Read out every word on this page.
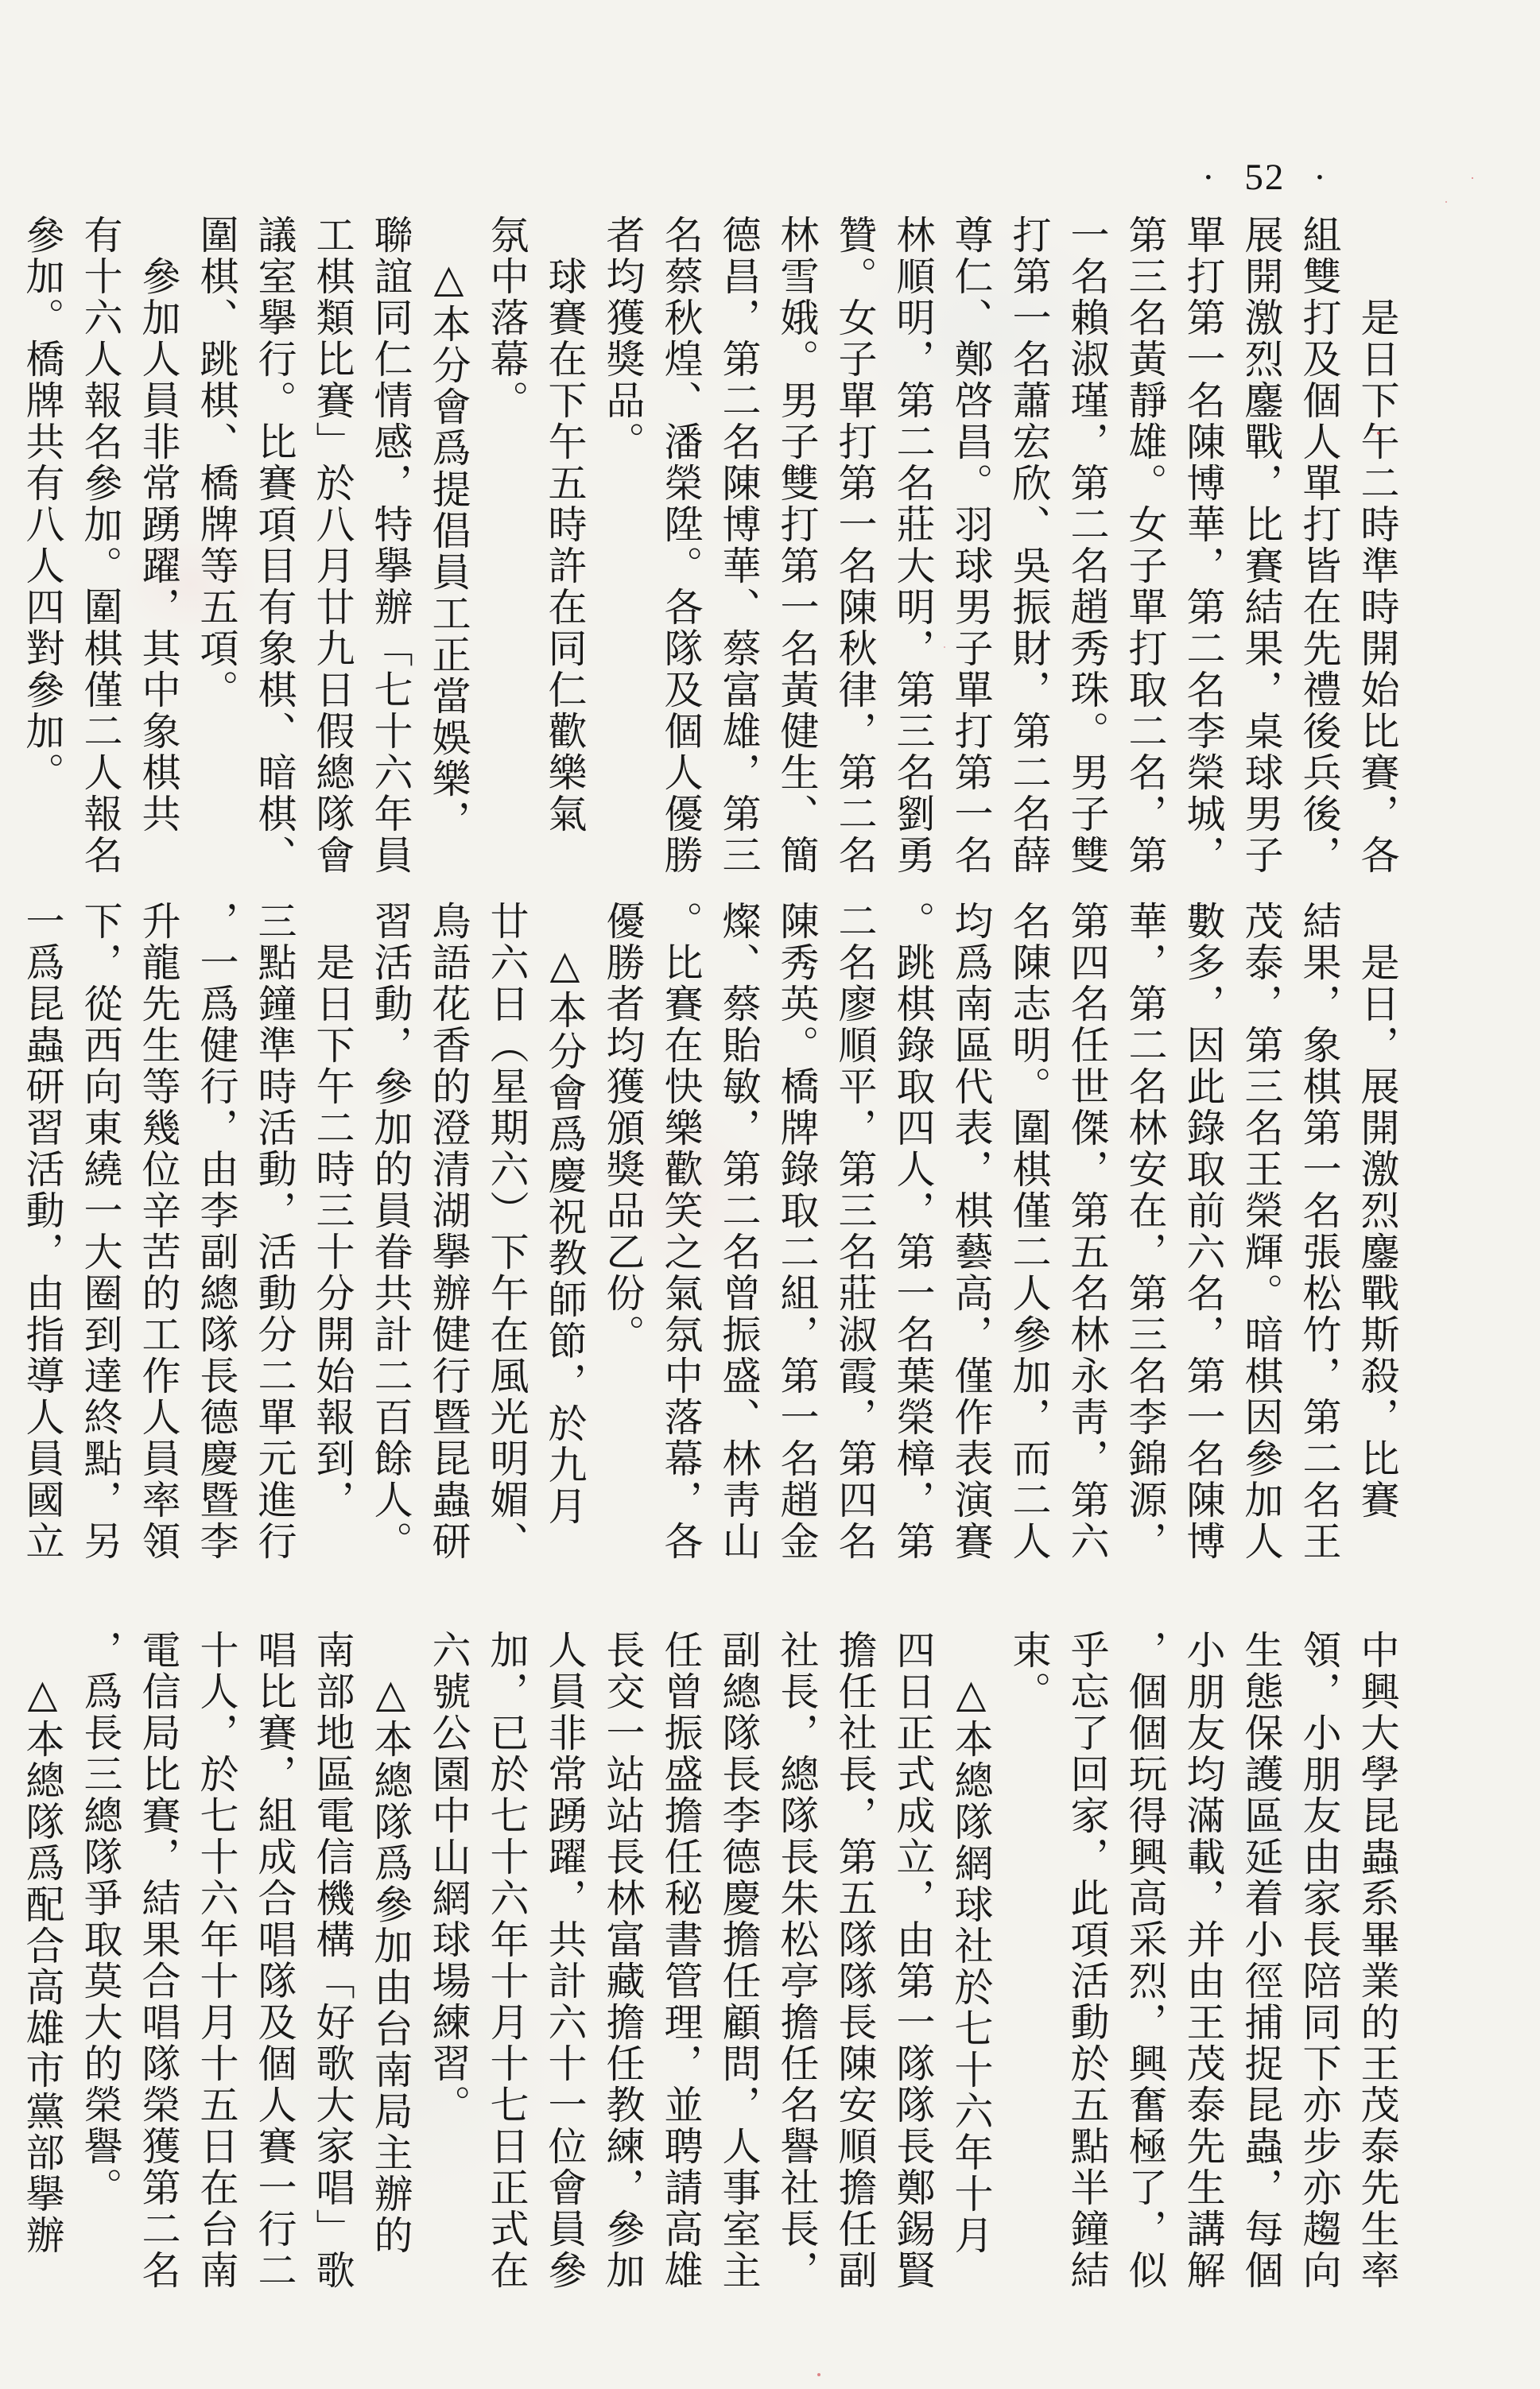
· 52 ·
　　是日下午二時準時開始比賽，各
組雙打及個人單打皆在先禮後兵後，
展開激烈鏖戰，比賽結果，桌球男子
單打第一名陳博華，第二名李榮城，
第三名黃靜雄。女子單打取二名，第
一名賴淑瑾，第二名趙秀珠。男子雙
打第一名蕭宏欣、吳振財，第二名薛
尊仁、鄭啓昌。羽球男子單打第一名
林順明，第二名莊大明，第三名劉勇
贊。女子單打第一名陳秋律，第二名
林雪娥。男子雙打第一名黃健生、簡
德昌，第二名陳博華、蔡富雄，第三
名蔡秋煌、潘榮陞。各隊及個人優勝
者均獲獎品。
　球賽在下午五時許在同仁歡樂氣
氛中落幕。
　△本分會爲提倡員工正當娛樂，
聯誼同仁情感，特擧辦「七十六年員
工棋類比賽」於八月廿九日假總隊會
議室擧行。比賽項目有象棋、暗棋、
圍棋、跳棋、橋牌等五項。
　參加人員非常踴躍，其中象棋共
有十六人報名參加。圍棋僅二人報名
參加。橋牌共有八人四對參加。
　是日，展開激烈鏖戰斯殺，比賽
結果，象棋第一名張松竹，第二名王
茂泰，第三名王榮輝。暗棋因參加人
數多，因此錄取前六名，第一名陳博
華，第二名林安在，第三名李錦源，
第四名任世傑，第五名林永靑，第六
名陳志明。圍棋僅二人參加，而二人
均爲南區代表，棋藝高，僅作表演賽
。跳棋錄取四人，第一名葉榮樟，第
二名廖順平，第三名莊淑霞，第四名
陳秀英。橋牌錄取二組，第一名趙金
燦、蔡貽敏，第二名曾振盛、林靑山
。比賽在快樂歡笑之氣氛中落幕，各
優勝者均獲頒獎品乙份。
　△本分會爲慶祝教師節，於九月
廿六日（星期六）下午在風光明媚、
鳥語花香的澄清湖擧辦健行暨昆蟲研
習活動，參加的員眷共計二百餘人。
　是日下午二時三十分開始報到，
三點鐘準時活動，活動分二單元進行
，一爲健行，由李副總隊長德慶暨李
升龍先生等幾位辛苦的工作人員率領
下，從西向東繞一大圈到達終點，另
一爲昆蟲研習活動，由指導人員國立
中興大學昆蟲系畢業的王茂泰先生率
領，小朋友由家長陪同下亦步亦趨向
生態保護區延着小徑捕捉昆蟲，每個
小朋友均滿載，并由王茂泰先生講解
，個個玩得興高采烈，興奮極了，似
乎忘了回家，此項活動於五點半鐘結
束。
　△本總隊網球社於七十六年十月
四日正式成立，由第一隊隊長鄭錫賢
擔任社長，第五隊隊長陳安順擔任副
社長，總隊長朱松亭擔任名譽社長，
副總隊長李德慶擔任顧問，人事室主
任曾振盛擔任秘書管理，並聘請高雄
長交一站站長林富藏擔任教練，參加
人員非常踴躍，共計六十一位會員參
加，已於七十六年十月十七日正式在
六號公園中山網球場練習。
　△本總隊爲參加由台南局主辦的
南部地區電信機構「好歌大家唱」歌
唱比賽，組成合唱隊及個人賽一行二
十人，於七十六年十月十五日在台南
電信局比賽，結果合唱隊榮獲第二名
，爲長三總隊爭取莫大的榮譽。
　△本總隊爲配合高雄市黨部擧辦
